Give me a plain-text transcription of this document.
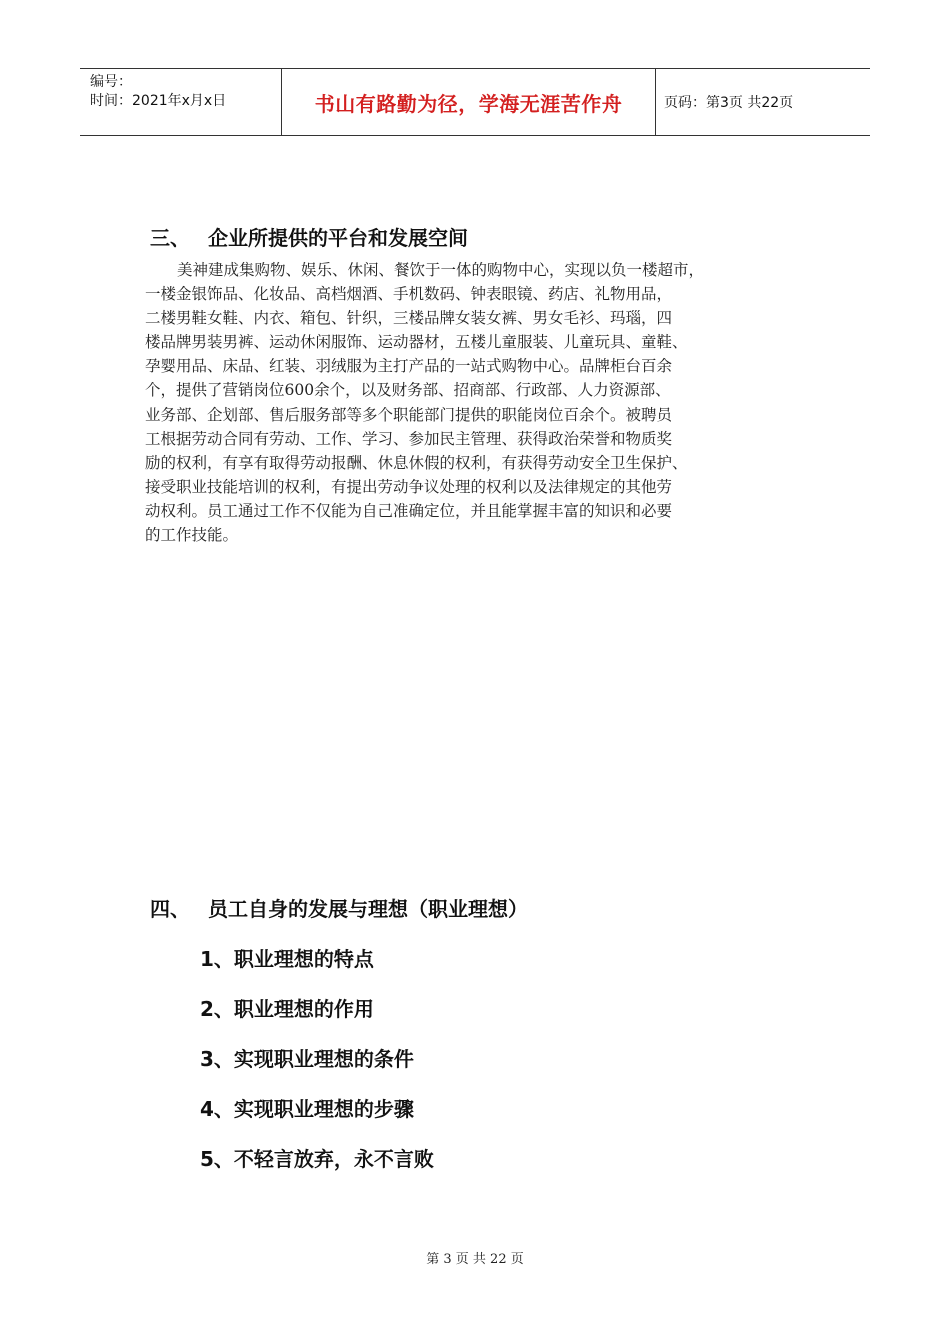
编号：
时间：2021年x月x日	书山有路勤为径，学海无涯苦作舟	页码：第3页 共22页
三、 企业所提供的平台和发展空间
美神建成集购物、娱乐、休闲、餐饮于一体的购物中心，实现以负一楼超市，
一楼金银饰品、化妆品、高档烟酒、手机数码、钟表眼镜、药店、礼物用品，
二楼男鞋女鞋、内衣、箱包、针织，三楼品牌女装女裤、男女毛衫、玛瑙，四
楼品牌男装男裤、运动休闲服饰、运动器材，五楼儿童服装、儿童玩具、童鞋、
孕婴用品、床品、红装、羽绒服为主打产品的一站式购物中心。品牌柜台百余
个，提供了营销岗位600余个，以及财务部、招商部、行政部、人力资源部、
业务部、企划部、售后服务部等多个职能部门提供的职能岗位百余个。被聘员
工根据劳动合同有劳动、工作、学习、参加民主管理、获得政治荣誉和物质奖
励的权利，有享有取得劳动报酬、休息休假的权利，有获得劳动安全卫生保护、
接受职业技能培训的权利，有提出劳动争议处理的权利以及法律规定的其他劳
动权利。员工通过工作不仅能为自己准确定位，并且能掌握丰富的知识和必要
的工作技能。
四、 员工自身的发展与理想（职业理想）
1、职业理想的特点
2、职业理想的作用
3、实现职业理想的条件
4、实现职业理想的步骤
5、不轻言放弃，永不言败
第 3 页 共 22 页
